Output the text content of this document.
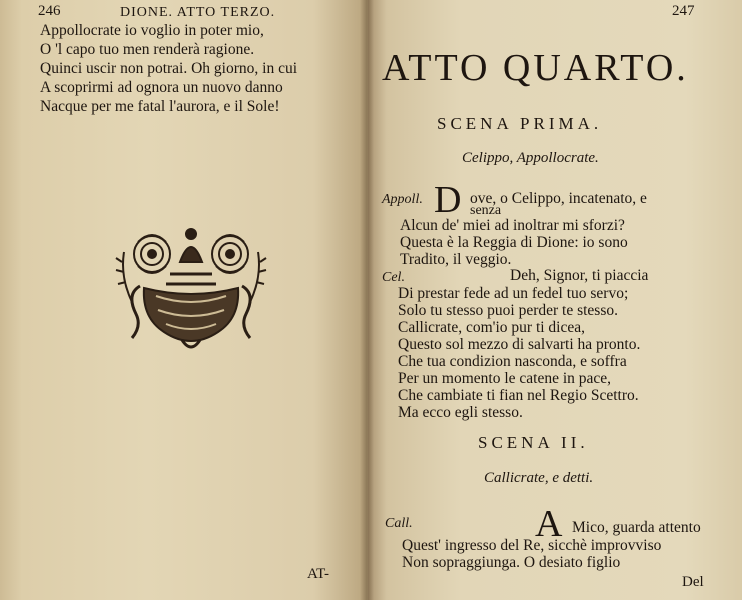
246	DIONE. ATTO TERZO.
Appollocrate io voglio in poter mio,
O 'l capo tuo men renderà ragione.
Quinci uscir non potrai. Oh giorno, in cui
A scoprirmi ad ognora un nuovo danno
Nacque per me fatal l'aurora, e il Sole!
AT-
247
ATTO QUARTO.
SCENA PRIMA.
Celippo, Appollocrate.
Appoll. D ove, o Celippo, incatenato, e
senza
Alcun de' miei ad inoltrar mi sforzi?
Questa è la Reggia di Dione: io sono
Tradito, il veggio.
Cel.	Deh, Signor, ti piaccia
Di prestar fede ad un fedel tuo servo;
Solo tu stesso puoi perder te stesso.
Callicrate, com'io pur ti dicea,
Questo sol mezzo di salvarti ha pronto.
Che tua condizion nasconda, e soffra
Per un momento le catene in pace,
Che cambiate ti fian nel Regio Scettro.
Ma ecco egli stesso.
SCENA II.
Callicrate, e detti.
Call.	A Mico, guarda attento
Quest' ingresso del Re, sicchè improvviso
Non sopraggiunga. O desiato figlio
Del
